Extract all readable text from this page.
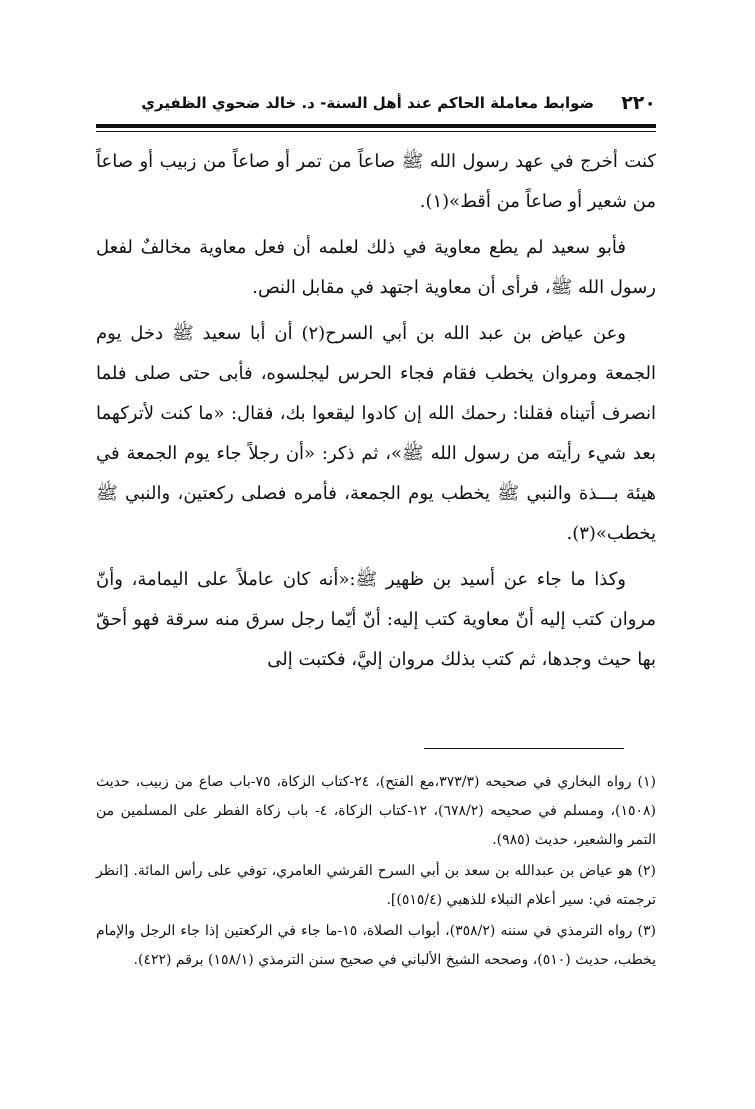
٢٢٠
ضوابط معاملة الحاكم عند أهل السنة- د. خالد ضحوي الظفيري

كنت أخرج في عهد رسول الله ﷺ صاعاً من تمر أو صاعاً من زبيب أو صاعاً من شعير أو صاعاً من أقط»(١).

فأبو سعيد لم يطع معاوية في ذلك لعلمه أن فعل معاوية مخالفٌ لفعل رسول الله ﷺ، فرأى أن معاوية اجتهد في مقابل النص.

وعن عياض بن عبد الله بن أبي السرح(٢) أن أبا سعيد ﷺ دخل يوم الجمعة ومروان يخطب فقام فجاء الحرس ليجلسوه، فأبى حتى صلى فلما انصرف أتيناه فقلنا: رحمك الله إن كادوا ليقعوا بك، فقال: «ما كنت لأتركهما بعد شيء رأيته من رسول الله ﷺ»، ثم ذكر: «أن رجلاً جاء يوم الجمعة في هيئة بـــذة والنبي ﷺ يخطب يوم الجمعة، فأمره فصلى ركعتين، والنبي ﷺ يخطب»(٣).

وكذا ما جاء عن أسيد بن ظهير ﷺ:«أنه كان عاملاً على اليمامة، وأنّ مروان كتب إليه أنّ معاوية كتب إليه: أنّ أيّما رجل سرق منه سرقة فهو أحقّ بها حيث وجدها، ثم كتب بذلك مروان إليَّ، فكتبت إلى

(١) رواه البخاري في صحيحه (٣٧٣/٣،مع الفتح)، ٢٤-كتاب الزكاة، ٧٥-باب صاع من زبيب، حديث (١٥٠٨)، ومسلم في صحيحه (٦٧٨/٢)، ١٢-كتاب الزكاة، ٤- باب زكاة الفطر على المسلمين من التمر والشعير، حديث (٩٨٥).
(٢) هو عياض بن عبدالله بن سعد بن أبي السرح القرشي العامري، توفي على رأس المائة. [انظر ترجمته في: سير أعلام النبلاء للذهبي (٥١٥/٤)].
(٣) رواه الترمذي في سننه (٣٥٨/٢)، أبواب الصلاة، ١٥-ما جاء في الركعتين إذا جاء الرجل والإمام يخطب، حديث (٥١٠)، وصححه الشيخ الألباني في صحيح سنن الترمذي (١٥٨/١) برقم (٤٢٢).
